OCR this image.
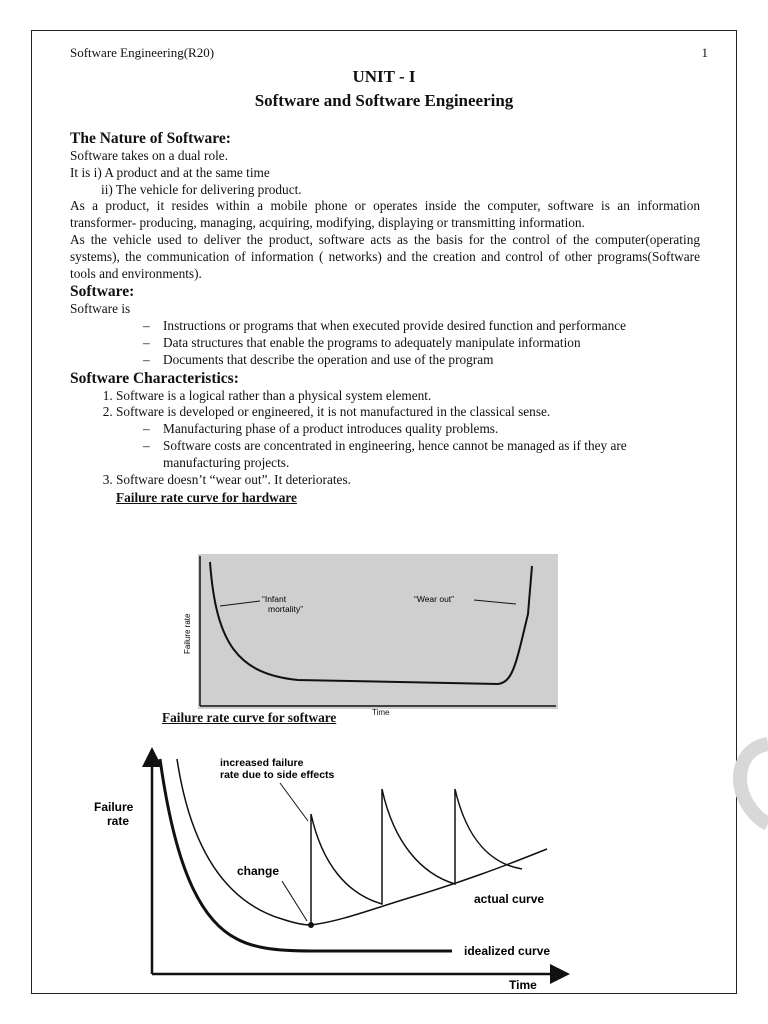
Software Engineering(R20)	1
UNIT - I
Software and Software Engineering
The Nature of Software:
Software takes on a dual role.
It is i) A product and at the same time
ii) The vehicle for delivering product.
As a product, it resides within a mobile phone or operates inside the computer, software is an information transformer- producing, managing, acquiring, modifying, displaying or transmitting information.
As the vehicle used to deliver the product, software acts as the basis for the control of the computer(operating systems), the communication of information ( networks) and the creation and control of other programs(Software tools and environments).
Software:
Software is
– Instructions or programs that when executed provide desired function and performance
– Data structures that enable the programs to adequately manipulate information
– Documents that describe the operation and use of the program
Software Characteristics:
1. Software is a logical rather than a physical system element.
2. Software is developed or engineered, it is not manufactured in the classical sense.
– Manufacturing phase of a product introduces quality problems.
– Software costs are concentrated in engineering, hence cannot be managed as if they are manufacturing projects.
3. Software doesn’t “wear out”. It deteriorates.
Failure rate curve for hardware
“Infant
mortality”
“Wear out”
Failure rate
Time
Failure rate curve for software
Failure
rate
Time
increased failure
rate due to side effects
change
actual curve
idealized curve
